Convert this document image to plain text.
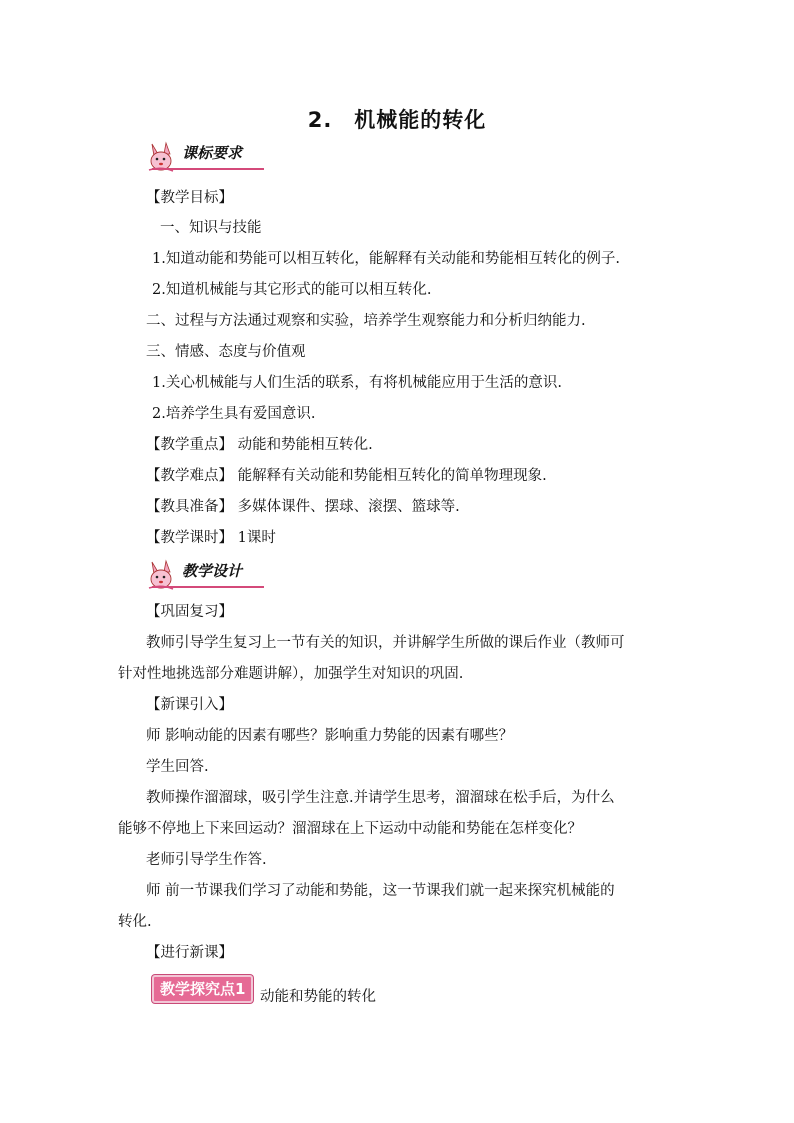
2. 机械能的转化
课标要求
【教学目标】
一、知识与技能
1.知道动能和势能可以相互转化，能解释有关动能和势能相互转化的例子.
2.知道机械能与其它形式的能可以相互转化.
二、过程与方法通过观察和实验，培养学生观察能力和分析归纳能力.
三、情感、态度与价值观
1.关心机械能与人们生活的联系，有将机械能应用于生活的意识.
2.培养学生具有爱国意识.
【教学重点】 动能和势能相互转化.
【教学难点】 能解释有关动能和势能相互转化的简单物理现象.
【教具准备】 多媒体课件、摆球、滚摆、篮球等.
【教学课时】 1课时
教学设计
【巩固复习】
教师引导学生复习上一节有关的知识，并讲解学生所做的课后作业（教师可
针对性地挑选部分难题讲解），加强学生对知识的巩固.
【新课引入】
师 影响动能的因素有哪些？影响重力势能的因素有哪些？
学生回答.
教师操作溜溜球，吸引学生注意.并请学生思考，溜溜球在松手后，为什么
能够不停地上下来回运动？溜溜球在上下运动中动能和势能在怎样变化？
老师引导学生作答.
师 前一节课我们学习了动能和势能，这一节课我们就一起来探究机械能的
转化.
【进行新课】
教学探究点1	动能和势能的转化
